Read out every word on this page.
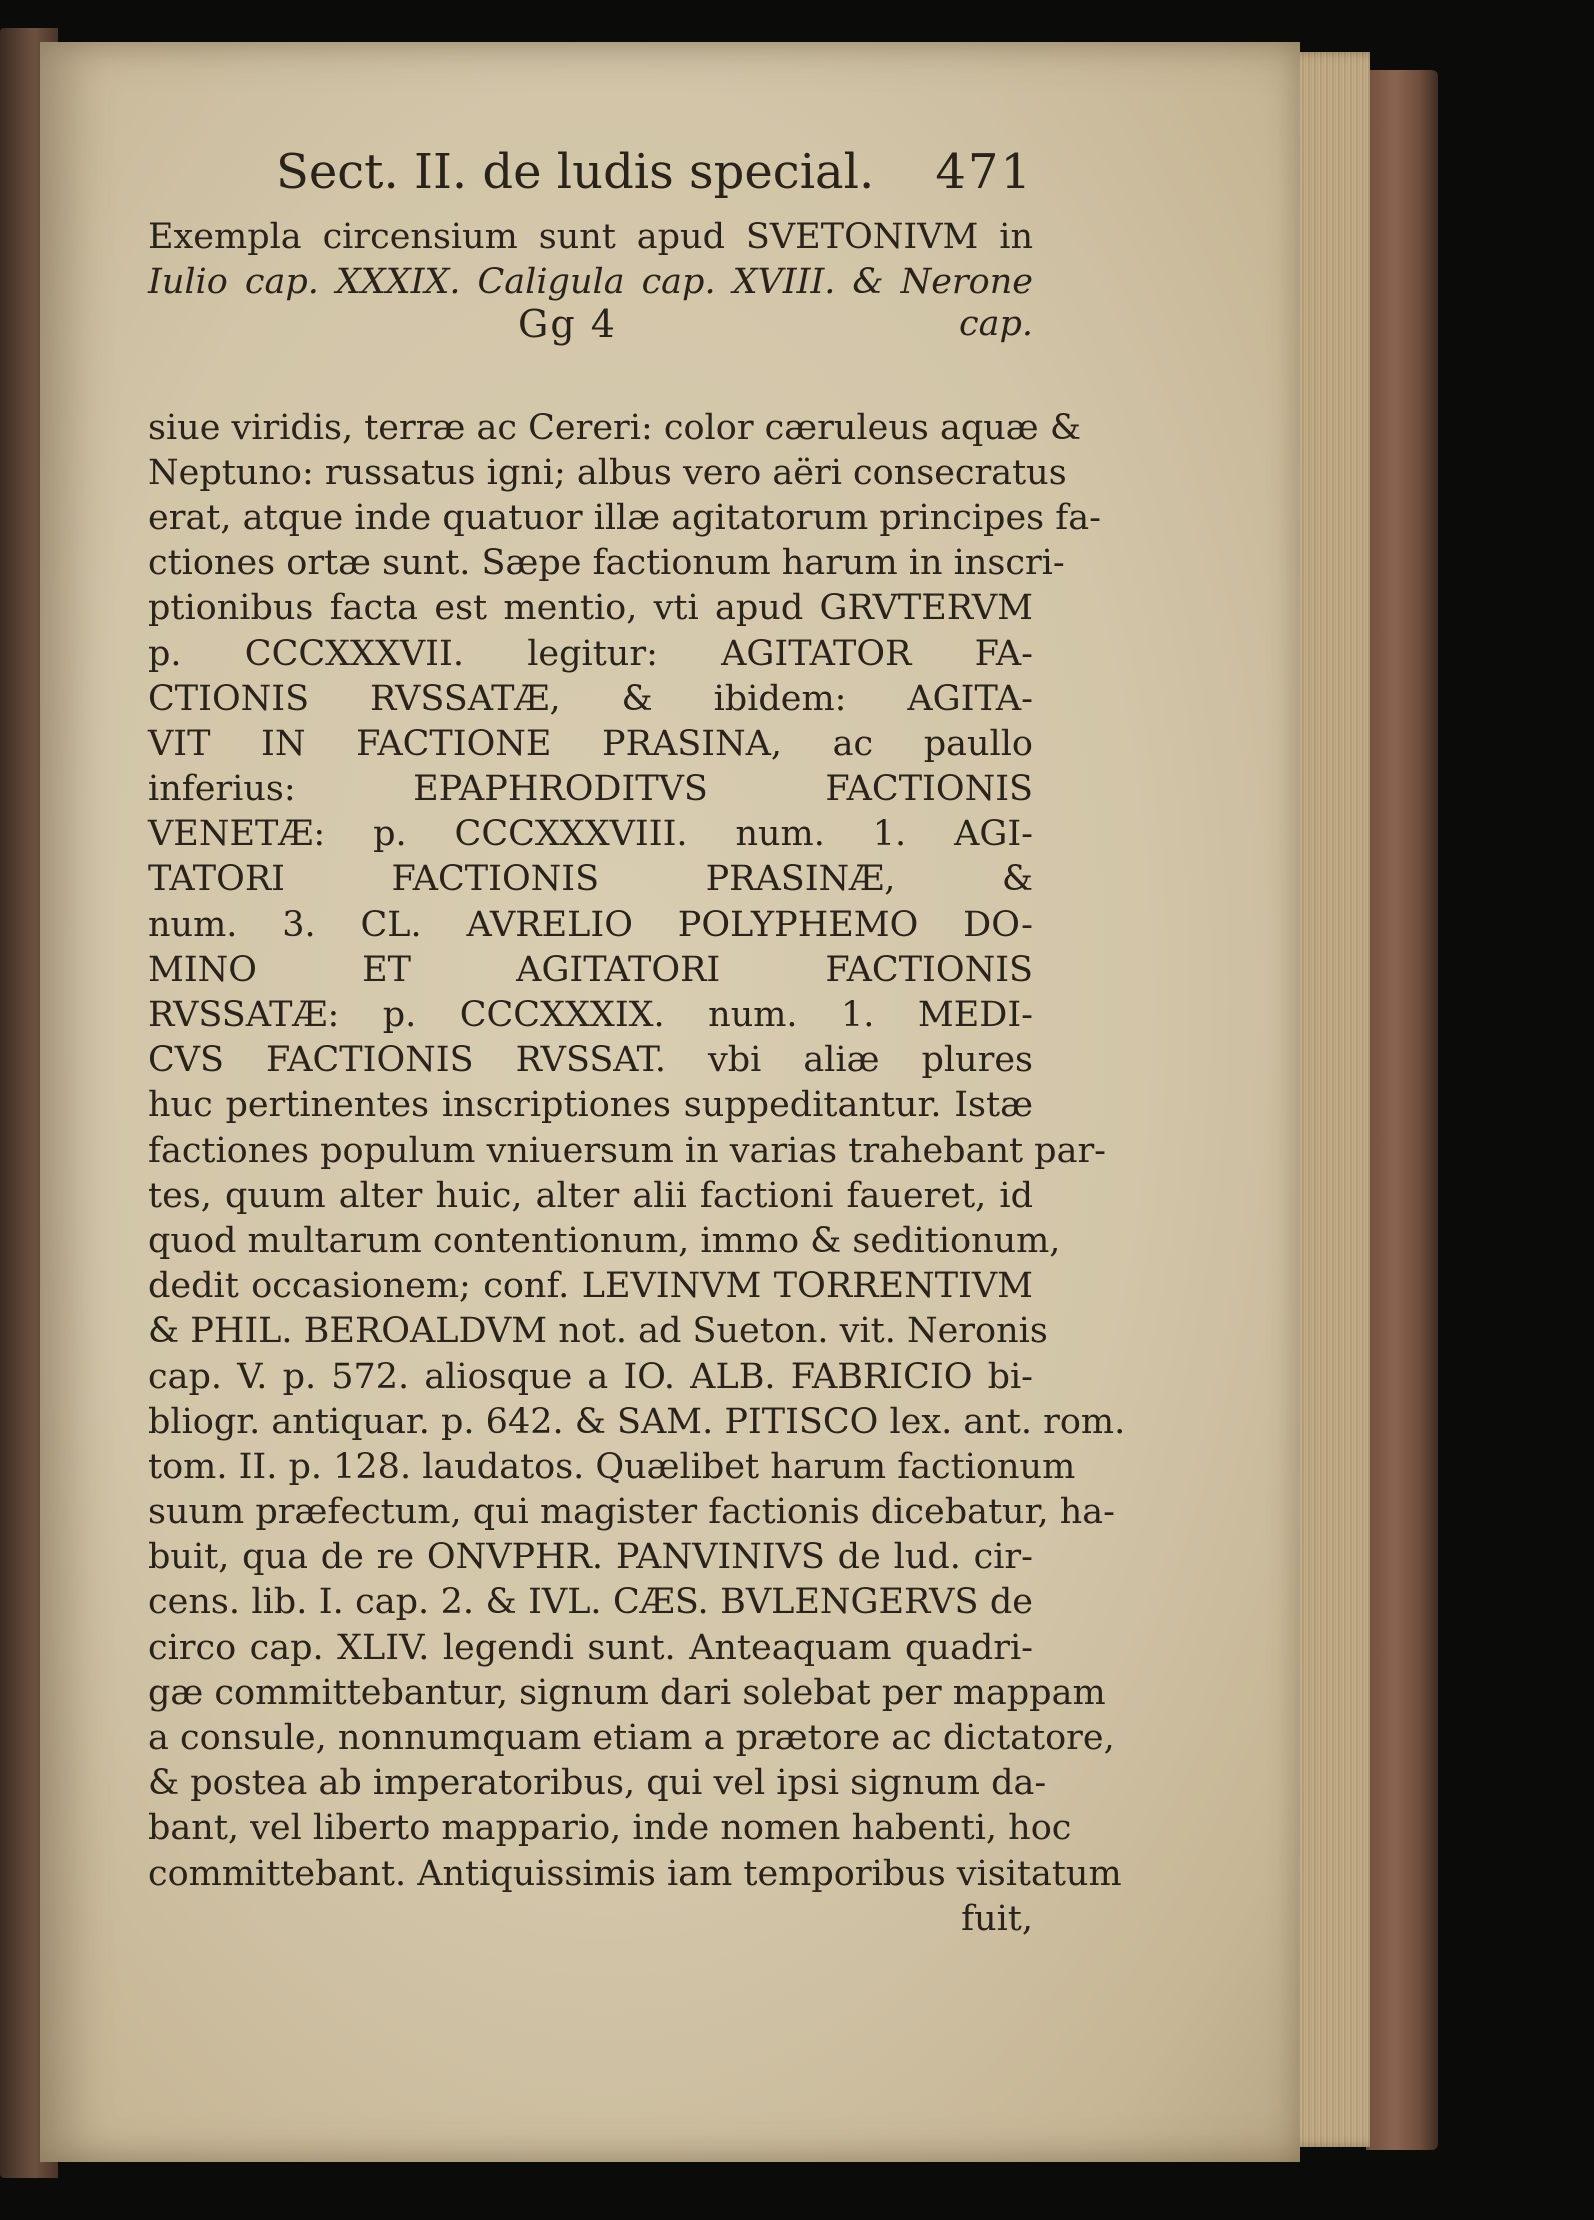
Sect. II. de ludis special. 471
Exempla circensium sunt apud SVETONIVM in
Iulio cap. XXXIX. Caligula cap. XVIII. & Nerone
Gg 4	cap.
siue viridis, terræ ac Cereri: color cæruleus aquæ &
Neptuno: russatus igni; albus vero aëri consecratus
erat, atque inde quatuor illæ agitatorum principes fa-
ctiones ortæ sunt. Sæpe factionum harum in inscri-
ptionibus facta est mentio, vti apud GRVTERVM
p. CCCXXXVII. legitur: AGITATOR FA-
CTIONIS RVSSATÆ, & ibidem: AGITA-
VIT IN FACTIONE PRASINA, ac paullo
inferius: EPAPHRODITVS FACTIONIS
VENETÆ: p. CCCXXXVIII. num. 1. AGI-
TATORI FACTIONIS PRASINÆ, &
num. 3. CL. AVRELIO POLYPHEMO DO-
MINO ET AGITATORI FACTIONIS
RVSSATÆ: p. CCCXXXIX. num. 1. MEDI-
CVS FACTIONIS RVSSAT. vbi aliæ plures
huc pertinentes inscriptiones suppeditantur. Istæ
factiones populum vniuersum in varias trahebant par-
tes, quum alter huic, alter alii factioni faueret, id
quod multarum contentionum, immo & seditionum,
dedit occasionem; conf. LEVINVM TORRENTIVM
& PHIL. BEROALDVM not. ad Sueton. vit. Neronis
cap. V. p. 572. aliosque a IO. ALB. FABRICIO bi-
bliogr. antiquar. p. 642. & SAM. PITISCO lex. ant. rom.
tom. II. p. 128. laudatos. Quælibet harum factionum
suum præfectum, qui magister factionis dicebatur, ha-
buit, qua de re ONVPHR. PANVINIVS de lud. cir-
cens. lib. I. cap. 2. & IVL. CÆS. BVLENGERVS de
circo cap. XLIV. legendi sunt. Anteaquam quadri-
gæ committebantur, signum dari solebat per mappam
a consule, nonnumquam etiam a prætore ac dictatore,
& postea ab imperatoribus, qui vel ipsi signum da-
bant, vel liberto mappario, inde nomen habenti, hoc
committebant. Antiquissimis iam temporibus visitatum
fuit,
